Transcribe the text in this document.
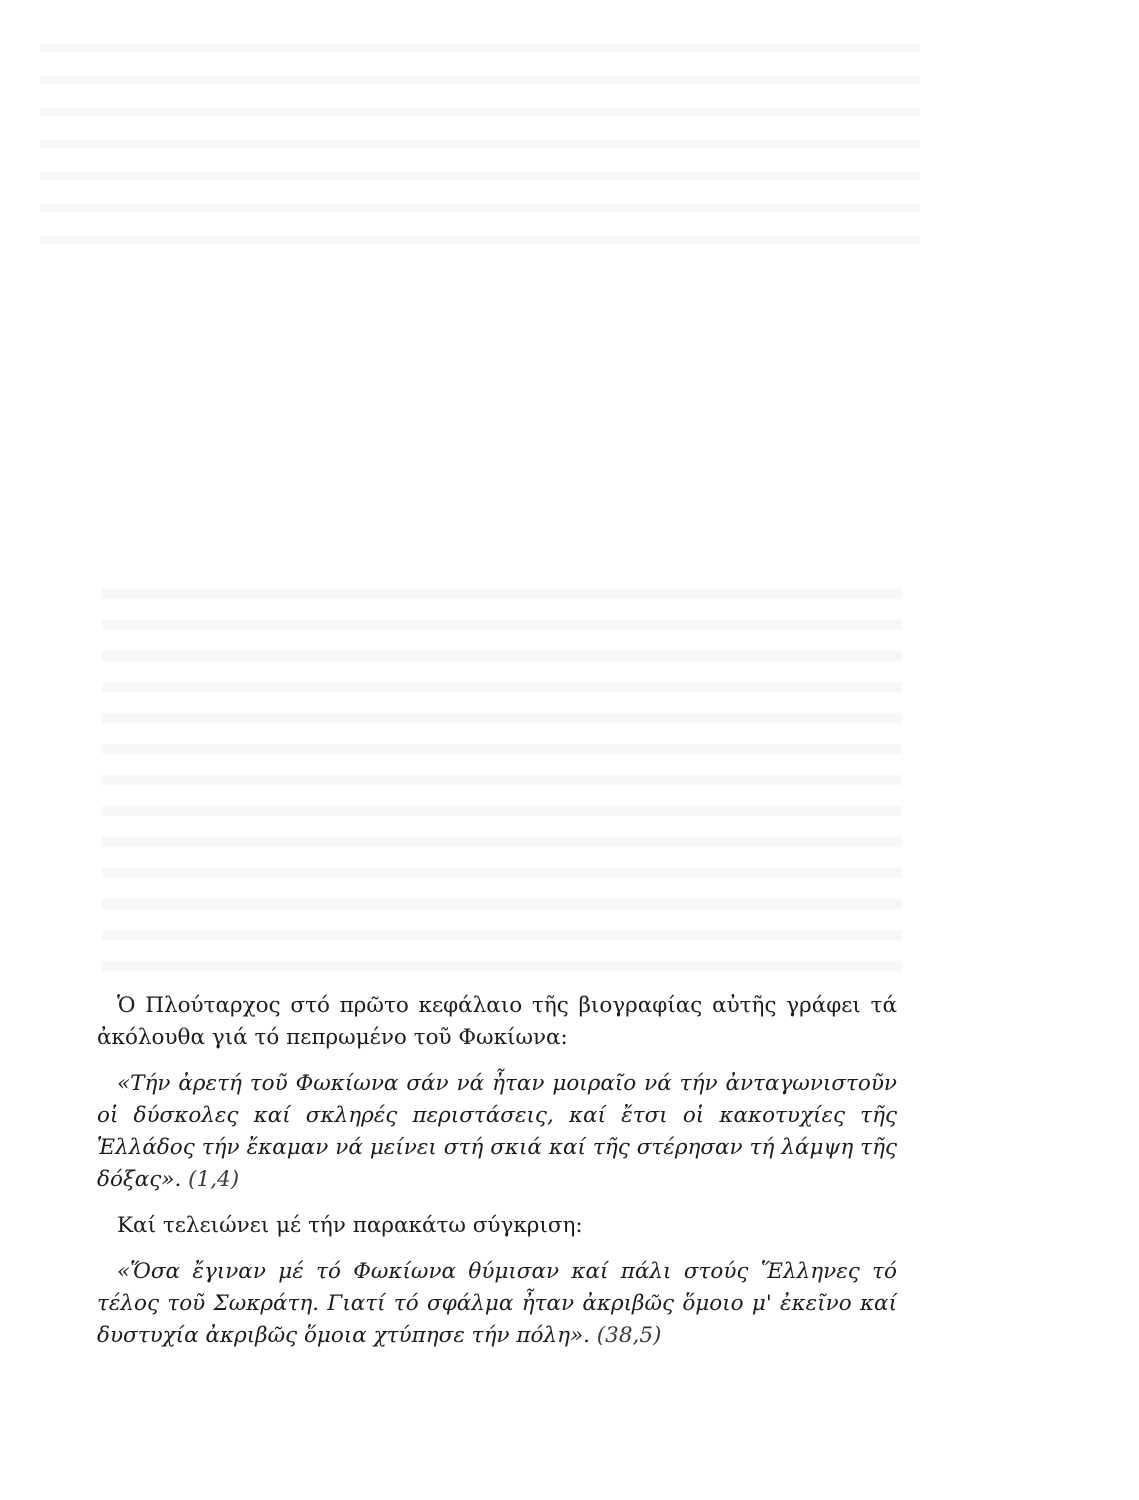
Ὁ Πλούταρχος στό πρῶτο κεφάλαιο τῆς βιογραφίας αὐτῆς γράφει τά ἀκόλουθα γιά τό πεπρωμένο τοῦ Φωκίωνα:

«Τήν ἀρετή τοῦ Φωκίωνα σάν νά ἦταν μοιραῖο νά τήν ἀνταγωνιστοῦν οἱ δύσκολες καί σκληρές περιστάσεις, καί ἔτσι οἱ κακοτυχίες τῆς Ἑλλάδος τήν ἔκαμαν νά μείνει στή σκιά καί τῆς στέρησαν τή λάμψη τῆς δόξας». (1,4)

Καί τελειώνει μέ τήν παρακάτω σύγκριση:

«Ὅσα ἔγιναν μέ τό Φωκίωνα θύμισαν καί πάλι στούς Ἕλληνες τό τέλος τοῦ Σωκράτη. Γιατί τό σφάλμα ἦταν ἀκριβῶς ὅμοιο μ' ἐκεῖνο καί δυστυχία ἀκριβῶς ὅμοια χτύπησε τήν πόλη». (38,5)
